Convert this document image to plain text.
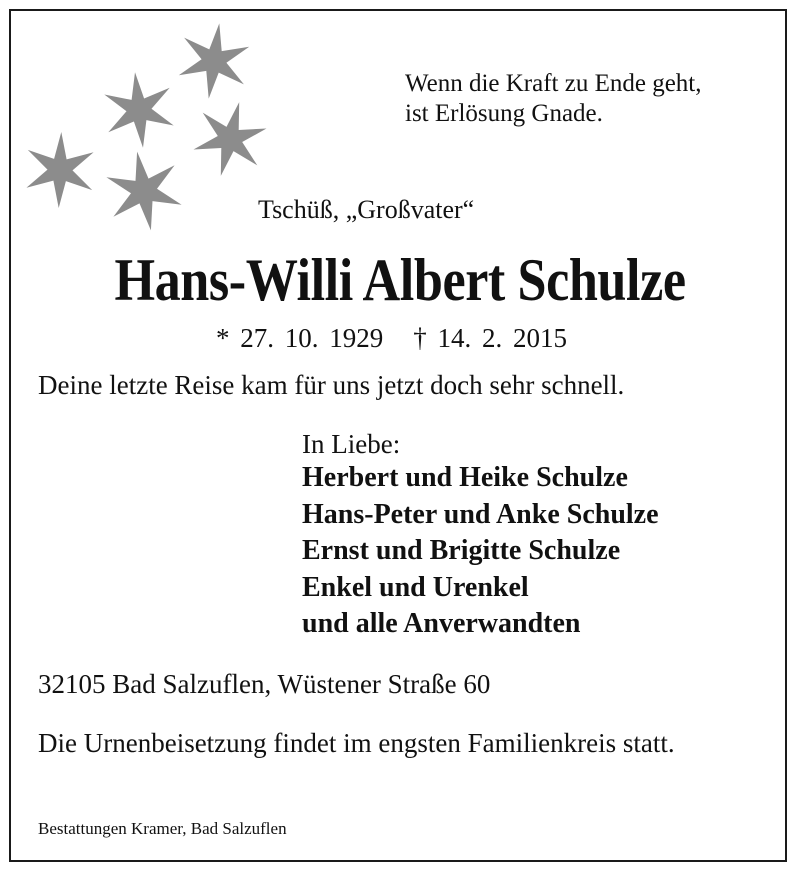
Wenn die Kraft zu Ende geht,
ist Erlösung Gnade.

Tschüß, „Großvater“

Hans-Willi Albert Schulze

* 27. 10. 1929 † 14. 2. 2015

Deine letzte Reise kam für uns jetzt doch sehr schnell.

In Liebe:
Herbert und Heike Schulze
Hans-Peter und Anke Schulze
Ernst und Brigitte Schulze
Enkel und Urenkel
und alle Anverwandten

32105 Bad Salzuflen, Wüstener Straße 60

Die Urnenbeisetzung findet im engsten Familienkreis statt.

Bestattungen Kramer, Bad Salzuflen
